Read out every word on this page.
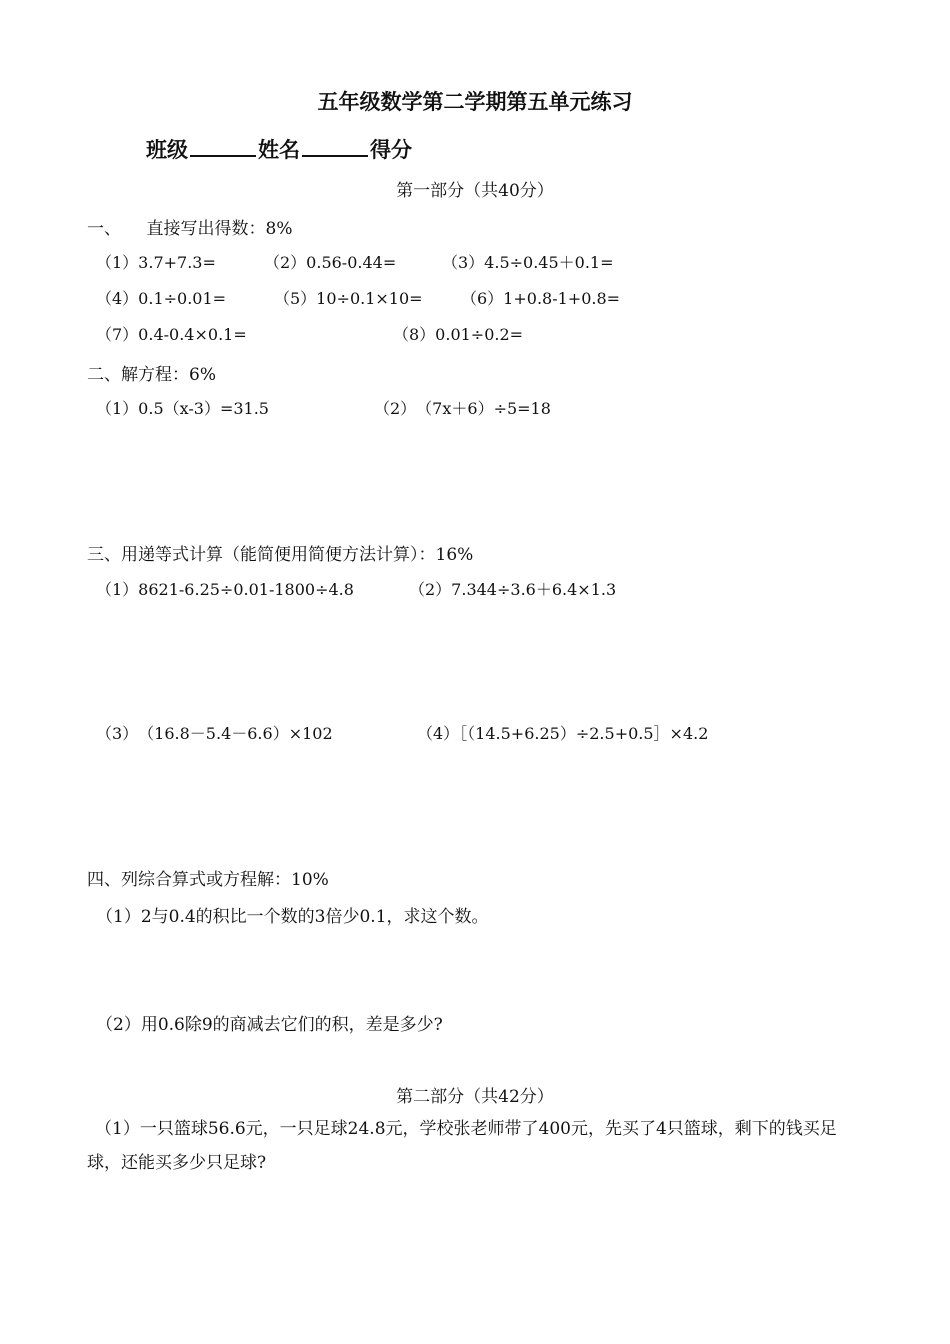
五年级数学第二学期第五单元练习
班级	姓名	得分
第一部分（共40分）
一、　　直接写出得数：8%
（1）3.7+7.3=	（2）0.56-0.44=	（3）4.5÷0.45＋0.1=
（4）0.1÷0.01=	（5）10÷0.1×10= （6）1+0.8-1+0.8=
（7）0.4-0.4×0.1=	（8）0.01÷0.2=
二、解方程：6%
（1）0.5（x-3）=31.5	（2）　（7x＋6）÷5=18
三、用递等式计算（能简便用简便方法计算）：16%
（1）8621-6.25÷0.01-1800÷4.8	（2）7.344÷3.6＋6.4×1.3
（3）　（16.8－5.4－6.6）×102	（4）［（14.5+6.25）÷2.5+0.5］×4.2
四、列综合算式或方程解：10%
（1）2与0.4的积比一个数的3倍少0.1，求这个数。
（2）用0.6除9的商减去它们的积，差是多少?
第二部分（共42分）
（1）一只篮球56.6元，一只足球24.8元，学校张老师带了400元，先买了4只篮球，剩下的钱买足球，还能买多少只足球?
